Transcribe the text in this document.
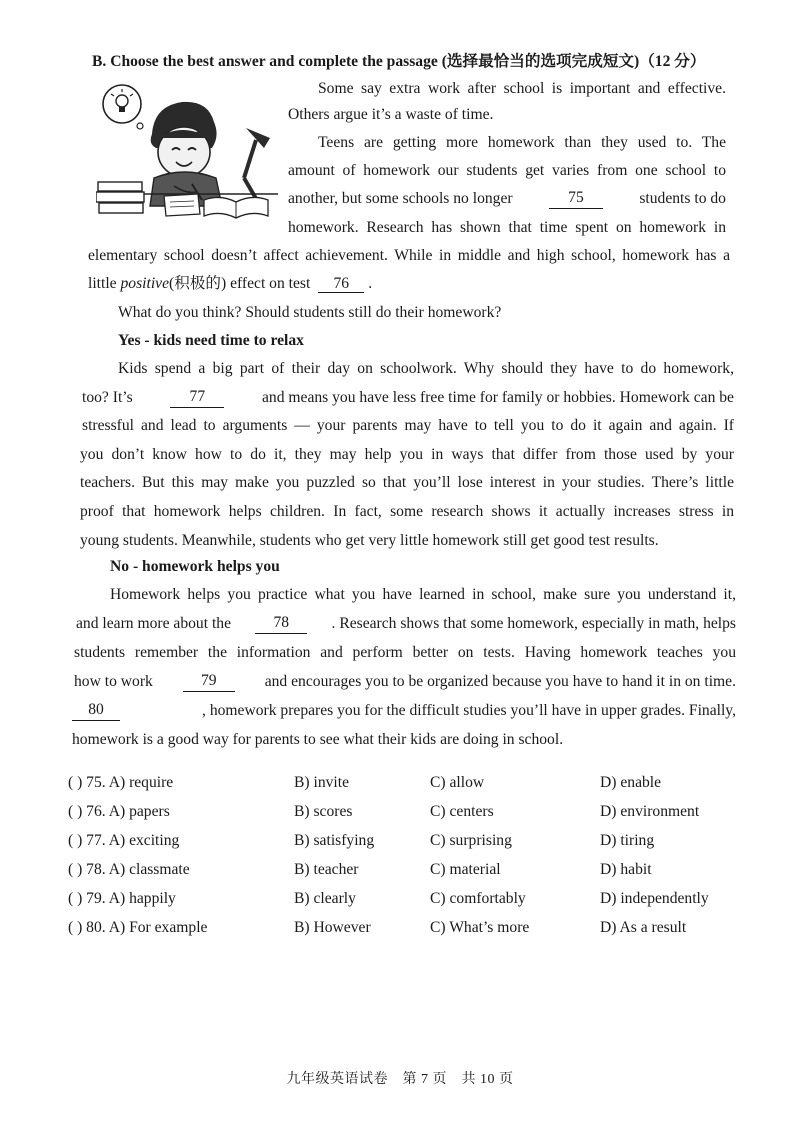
B. Choose the best answer and complete the passage (选择最恰当的选项完成短文)（12 分）
Some say extra work after school is important and effective.
Others argue it’s a waste of time.
Teens are getting more homework than they used to. The
amount of homework our students get varies from one school to
another, but some schools no longer	75	students to do
homework. Research has shown that time spent on homework in
elementary school doesn’t affect achievement. While in middle and high school, homework has a
little positive(积极的) effect on test 76 .
What do you think? Should students still do their homework?
Yes - kids need time to relax
Kids spend a big part of their day on schoolwork. Why should they have to do homework,
too? It’s	77	and means you have less free time for family or hobbies. Homework can be
stressful and lead to arguments — your parents may have to tell you to do it again and again. If
you don’t know how to do it, they may help you in ways that differ from those used by your
teachers. But this may make you puzzled so that you’ll lose interest in your studies. There’s little
proof that homework helps children. In fact, some research shows it actually increases stress in
young students. Meanwhile, students who get very little homework still get good test results.
No - homework helps you
Homework helps you practice what you have learned in school, make sure you understand it,
and learn more about the	78	. Research shows that some homework, especially in math, helps
students remember the information and perform better on tests. Having homework teaches you
how to work	79	and encourages you to be organized because you have to hand it in on time.
80	, homework prepares you for the difficult studies you’ll have in upper grades. Finally,
homework is a good way for parents to see what their kids are doing in school.
( ) 75. A) require	B) invite	C) allow	D) enable
( ) 76. A) papers	B) scores	C) centers	D) environment
( ) 77. A) exciting	B) satisfying	C) surprising	D) tiring
( ) 78. A) classmate	B) teacher	C) material	D) habit
( ) 79. A) happily	B) clearly	C) comfortably	D) independently
( ) 80. A) For example	B) However	C) What’s more	D) As a result
九年级英语试卷　第 7 页　共 10 页
